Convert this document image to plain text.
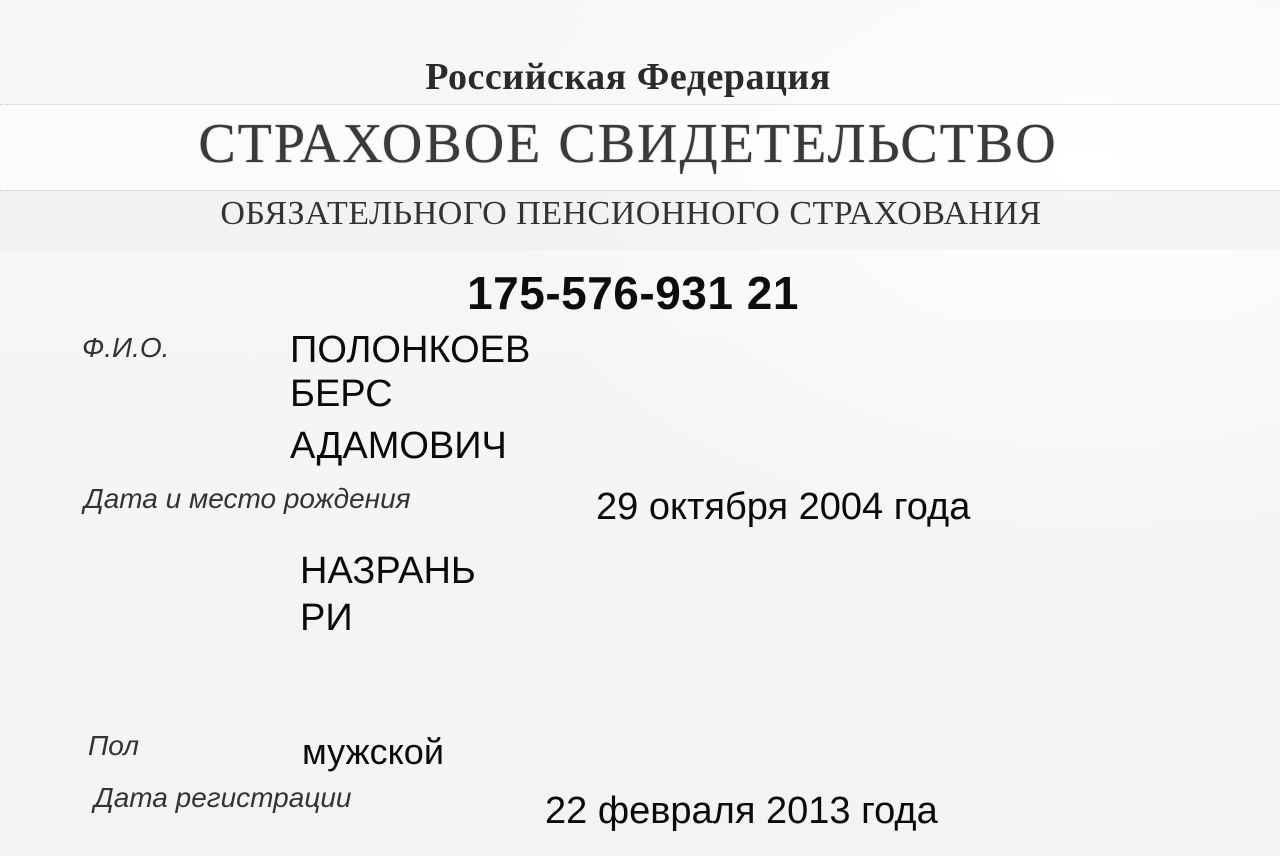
Российская Федерация
СТРАХОВОЕ СВИДЕТЕЛЬСТВО
ОБЯЗАТЕЛЬНОГО ПЕНСИОННОГО СТРАХОВАНИЯ
175-576-931 21
Ф.И.О.	ПОЛОНКОЕВ
БЕРС
АДАМОВИЧ
Дата и место рождения	29 октября 2004 года
НАЗРАНЬ
РИ
Пол	мужской
Дата регистрации	22 февраля 2013 года
